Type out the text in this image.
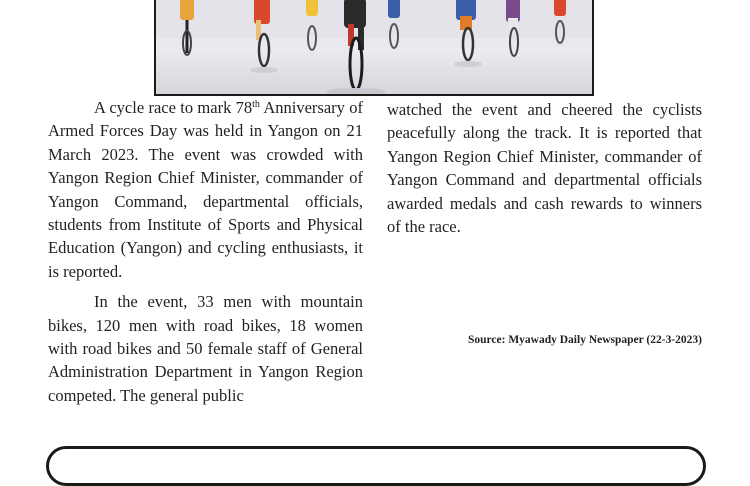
A cycle race to mark 78th Anniversary of Armed Forces Day was held in Yangon on 21 March 2023. The event was crowded with Yangon Region Chief Minister, commander of Yangon Command, departmental officials, students from Institute of Sports and Physical Education (Yangon) and cycling enthusiasts, it is reported.

In the event, 33 men with mountain bikes, 120 men with road bikes, 18 women with road bikes and 50 female staff of General Administration Department in Yangon Region competed. The general public

watched the event and cheered the cyclists peacefully along the track. It is reported that Yangon Region Chief Minister, commander of Yangon Command and departmental officials awarded medals and cash rewards to winners of the race.

Source: Myawady Daily Newspaper (22-3-2023)
